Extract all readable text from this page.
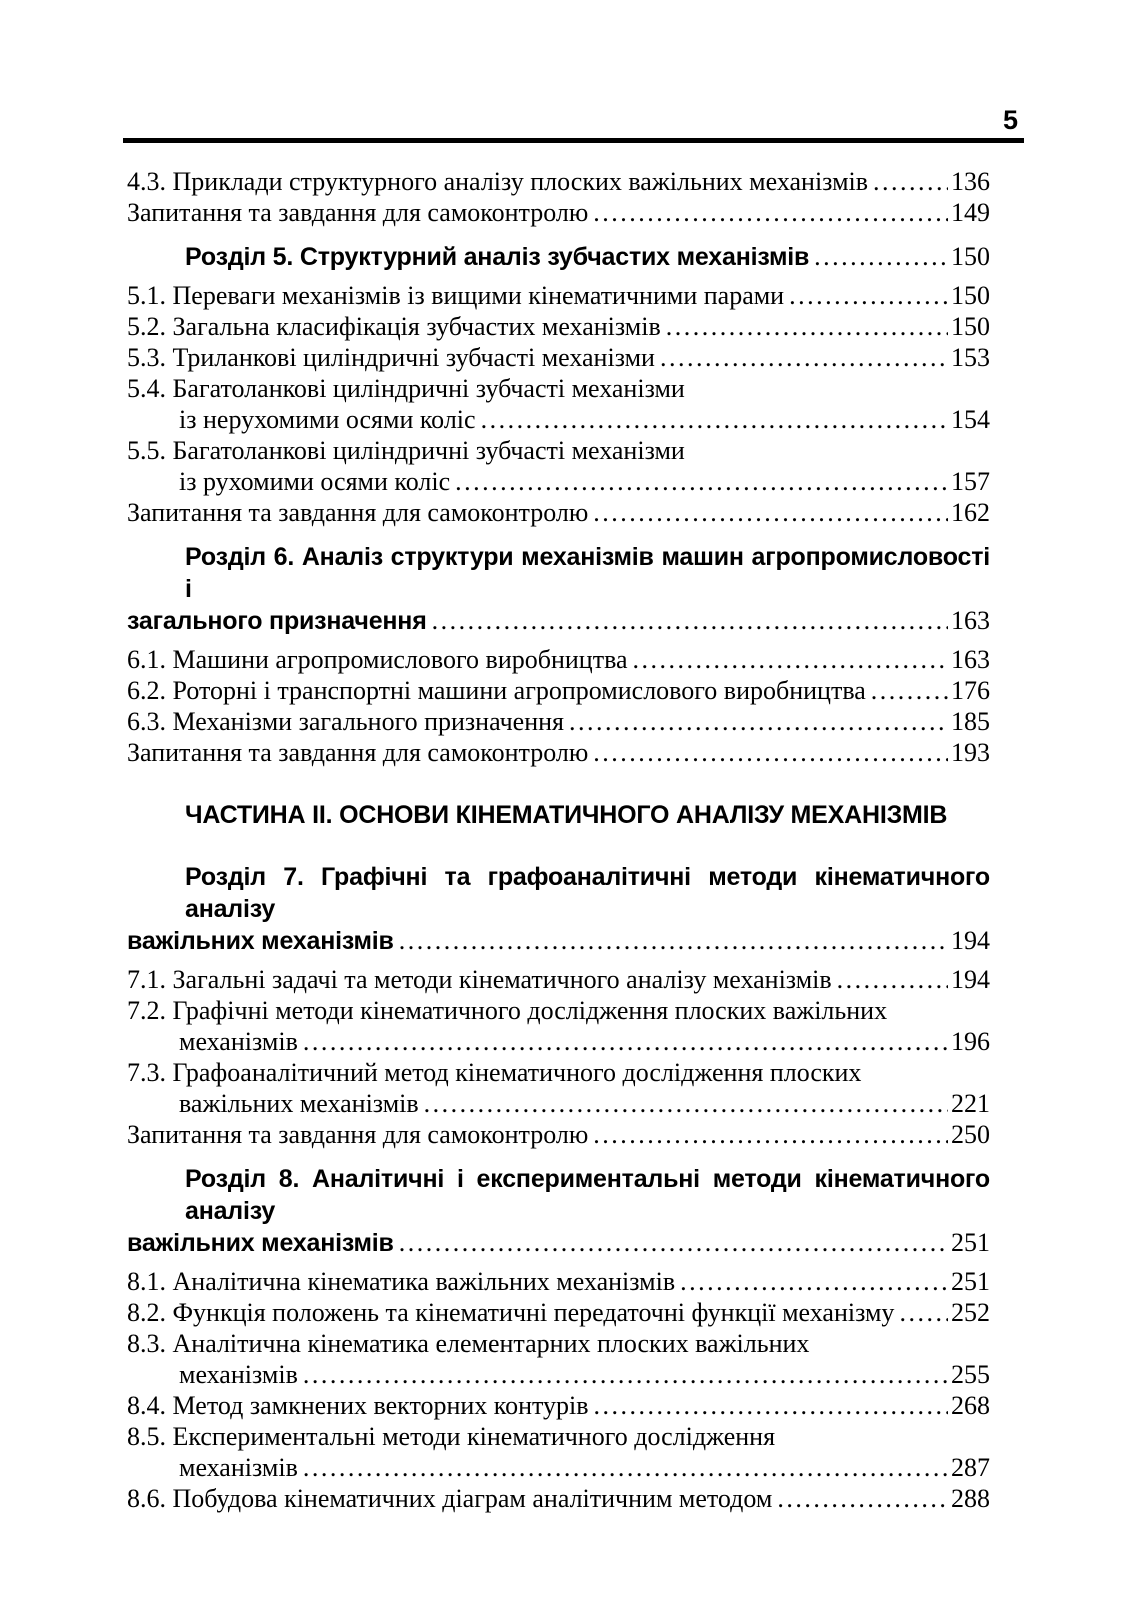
5
4.3. Приклади структурного аналізу плоских важільних механізмів .....	136
Запитання та завдання для самоконтролю .....	149
Розділ 5. Структурний аналіз зубчастих механізмів .....	150
5.1. Переваги механізмів із вищими кінематичними парами .....	150
5.2. Загальна класифікація зубчастих механізмів .....	150
5.3. Триланкові циліндричні зубчасті механізми .....	153
5.4. Багатоланкові циліндричні зубчасті механізми
із нерухомими осями коліс .....	154
5.5. Багатоланкові циліндричні зубчасті механізми
із рухомими осями коліс .....	157
Запитання та завдання для самоконтролю .....	162
Розділ 6. Аналіз структури механізмів машин агропромисловості і
загального призначення .....	163
6.1. Машини агропромислового виробництва .....	163
6.2. Роторні і транспортні машини агропромислового виробництва .....	176
6.3. Механізми загального призначення .....	185
Запитання та завдання для самоконтролю .....	193
ЧАСТИНА II. ОСНОВИ КІНЕМАТИЧНОГО АНАЛІЗУ МЕХАНІЗМІВ
Розділ 7. Графічні та графоаналітичні методи кінематичного аналізу
важільних механізмів .....	194
7.1. Загальні задачі та методи кінематичного аналізу механізмів .....	194
7.2. Графічні методи кінематичного дослідження плоских важільних
механізмів .....	196
7.3. Графоаналітичний метод кінематичного дослідження плоских
важільних механізмів .....	221
Запитання та завдання для самоконтролю .....	250
Розділ 8. Аналітичні і експериментальні методи кінематичного аналізу
важільних механізмів .....	251
8.1. Аналітична кінематика важільних механізмів .....	251
8.2. Функція положень та кінематичні передаточні функції механізму ..... 252
8.3. Аналітична кінематика елементарних плоских важільних
механізмів .....	255
8.4. Метод замкнених векторних контурів .....	268
8.5. Експериментальні методи кінематичного дослідження
механізмів .....	287
8.6. Побудова кінематичних діаграм аналітичним методом .....	288
